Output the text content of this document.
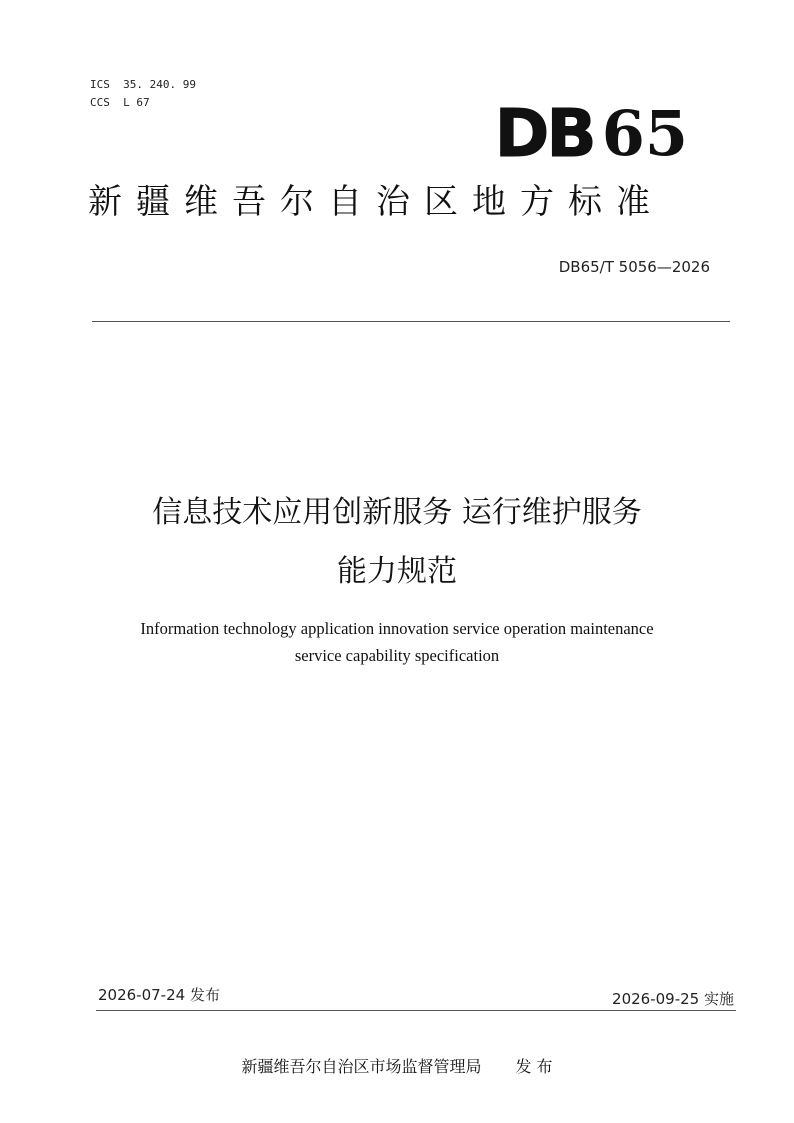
ICS 35. 240. 99
CCS L 67	DB 65
新疆维吾尔自治区地方标准
DB65/T 5056—2026
信息技术应用创新服务 运行维护服务
能力规范
Information technology application innovation service operation maintenance
service capability specification
2026-07-24 发布	2026-09-25 实施
新疆维吾尔自治区市场监督管理局 发 布
